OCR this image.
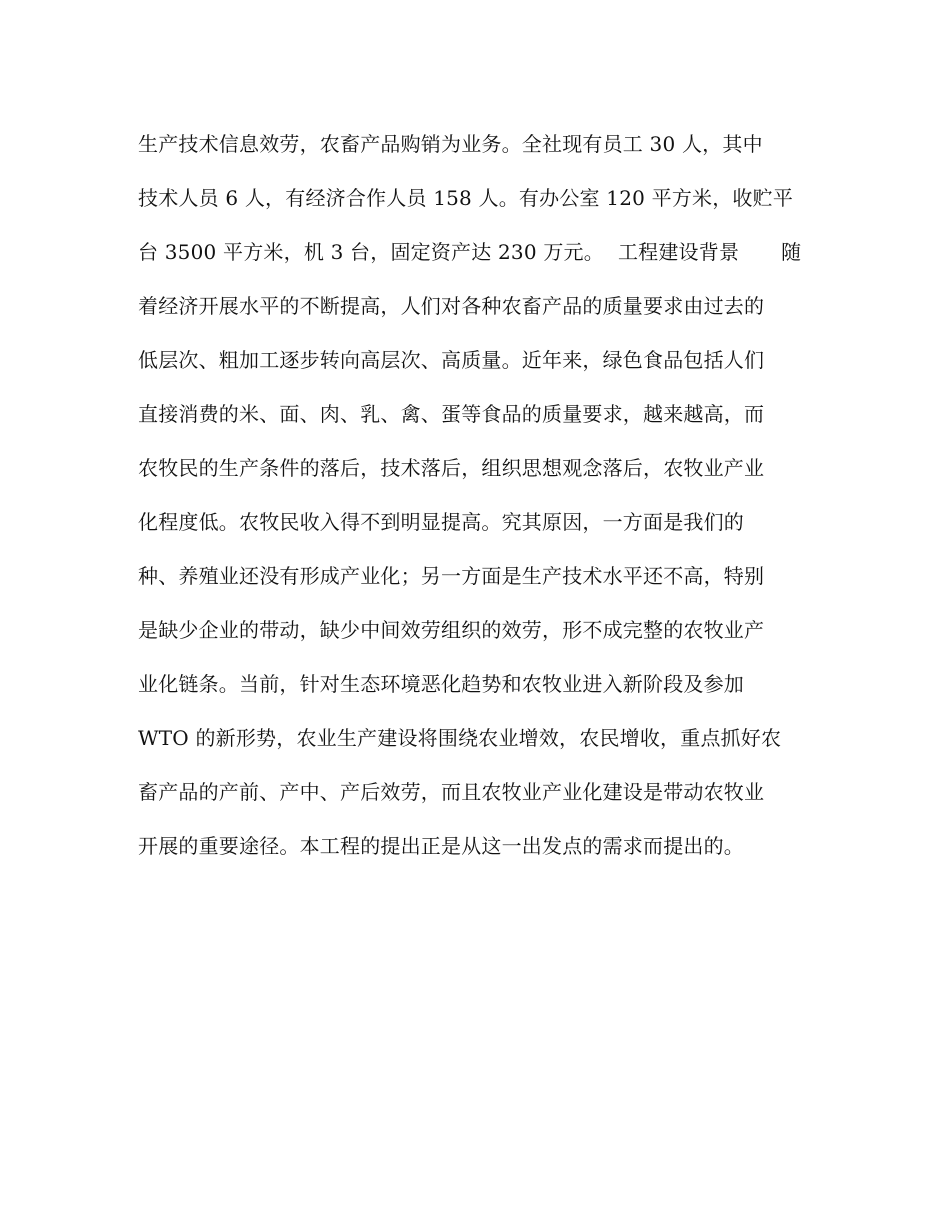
生产技术信息效劳，农畜产品购销为业务。全社现有员工 30 人，其中
技术人员 6 人，有经济合作人员 158 人。有办公室 120 平方米，收贮平
台 3500 平方米，机 3 台，固定资产达 230 万元。 工程建设背景 随
着经济开展水平的不断提高，人们对各种农畜产品的质量要求由过去的
低层次、粗加工逐步转向高层次、高质量。近年来，绿色食品包括人们
直接消费的米、面、肉、乳、禽、蛋等食品的质量要求，越来越高，而
农牧民的生产条件的落后，技术落后，组织思想观念落后，农牧业产业
化程度低。农牧民收入得不到明显提高。究其原因，一方面是我们的
种、养殖业还没有形成产业化；另一方面是生产技术水平还不高，特别
是缺少企业的带动，缺少中间效劳组织的效劳，形不成完整的农牧业产
业化链条。当前，针对生态环境恶化趋势和农牧业进入新阶段及参加
WTO 的新形势，农业生产建设将围绕农业增效，农民增收，重点抓好农
畜产品的产前、产中、产后效劳，而且农牧业产业化建设是带动农牧业
开展的重要途径。本工程的提出正是从这一出发点的需求而提出的。
